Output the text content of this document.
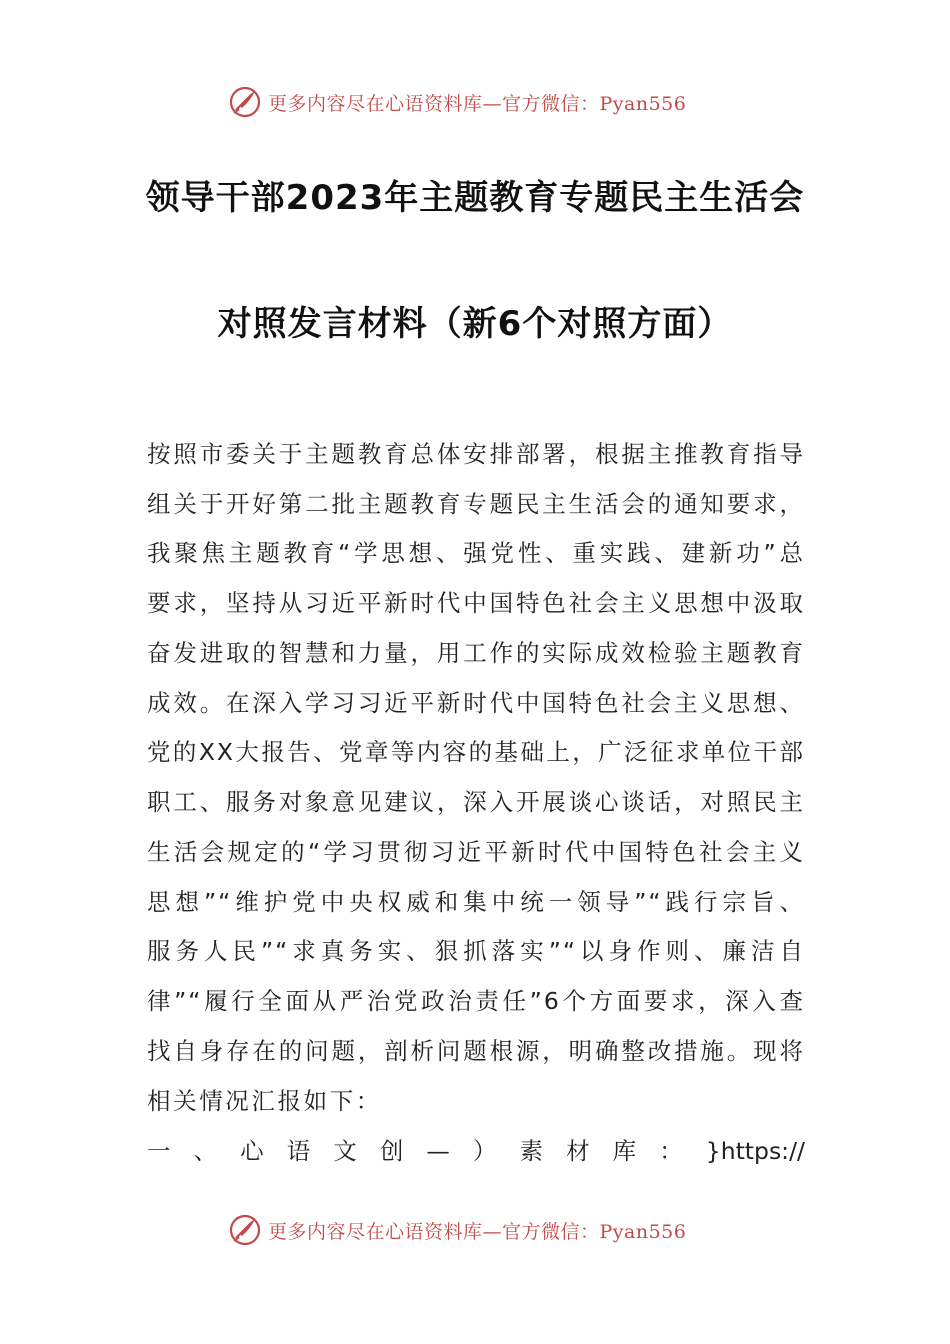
更多内容尽在心语资料库—官方微信：Pyan556
领导干部2023年主题教育专题民主生活会
对照发言材料（新6个对照方面）
按照市委关于主题教育总体安排部署，根据主推教育指导
组关于开好第二批主题教育专题民主生活会的通知要求，
我聚焦主题教育“学思想、强党性、重实践、建新功”总
要求，坚持从习近平新时代中国特色社会主义思想中汲取
奋发进取的智慧和力量，用工作的实际成效检验主题教育
成效。在深入学习习近平新时代中国特色社会主义思想、
党的XX大报告、党章等内容的基础上，广泛征求单位干部
职工、服务对象意见建议，深入开展谈心谈话，对照民主
生活会规定的“学习贯彻习近平新时代中国特色社会主义
思想”“维护党中央权威和集中统一领导”“践行宗旨、
服务人民”“求真务实、狠抓落实”“以身作则、廉洁自
律”“履行全面从严治党政治责任”6个方面要求，深入查
找自身存在的问题，剖析问题根源，明确整改措施。现将
相关情况汇报如下：
一 、 心 语 文 创 — ） 素 材 库 ： }https://
更多内容尽在心语资料库—官方微信：Pyan556
